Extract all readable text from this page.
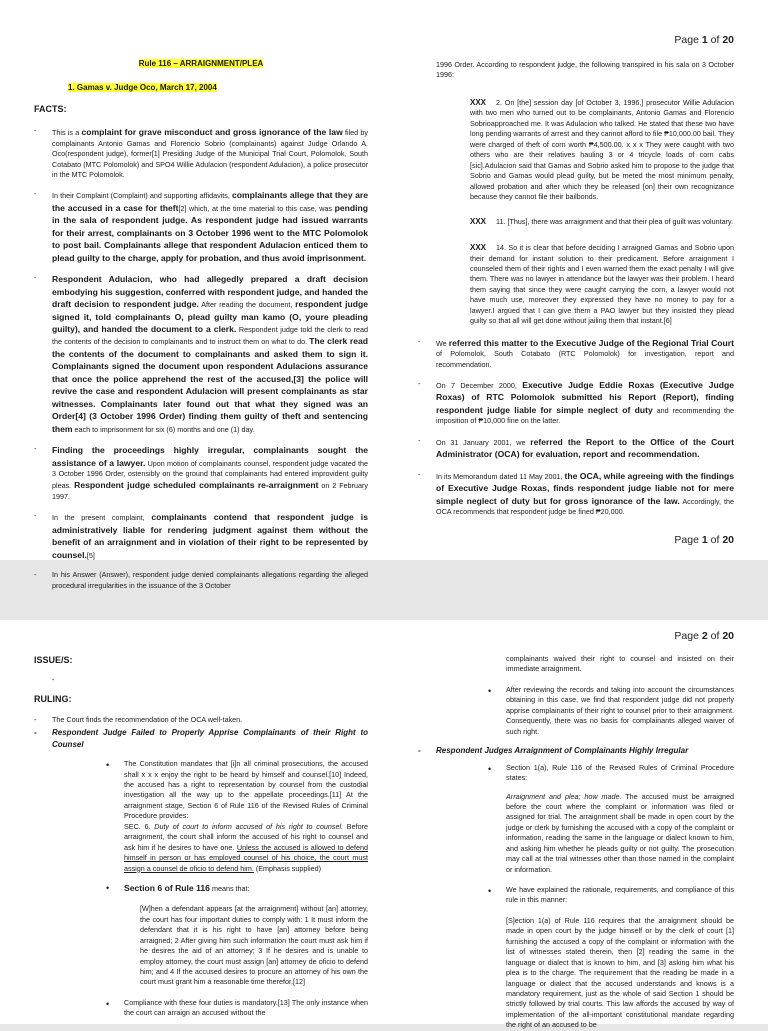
Page 1 of 20
Rule 116 – ARRAIGNMENT/PLEA
1. Gamas v. Judge Oco, March 17, 2004
FACTS:
- This is a complaint for grave misconduct and gross ignorance of the law filed by complainants Antonio Gamas and Florencio Sobrio (complainants) against Judge Orlando A. Oco(respondent judge), former[1] Presiding Judge of the Municipal Trial Court, Polomolok, South Cotabato (MTC Polomolok) and SPO4 Willie Adulacion (respondent Adulacion), a police prosecutor in the MTC Polomolok.
- In their Complaint (Complaint) and supporting affidavits, complainants allege that they are the accused in a case for theft[2] which, at the time material to this case, was pending in the sala of respondent judge. As respondent judge had issued warrants for their arrest, complainants on 3 October 1996 went to the MTC Polomolok to post bail. Complainants allege that respondent Adulacion enticed them to plead guilty to the charge, apply for probation, and thus avoid imprisonment.
- Respondent Adulacion, who had allegedly prepared a draft decision embodying his suggestion, conferred with respondent judge, and handed the draft decision to respondent judge. After reading the document, respondent judge signed it, told complainants O, plead guilty man kamo (O, youre pleading guilty), and handed the document to a clerk. Respondent judge told the clerk to read the contents of the decision to complainants and to instruct them on what to do. The clerk read the contents of the document to complainants and asked them to sign it. Complainants signed the document upon respondent Adulacions assurance that once the police apprehend the rest of the accused,[3] the police will revive the case and respondent Adulacion will present complainants as star witnesses. Complainants later found out that what they signed was an Order[4] (3 October 1996 Order) finding them guilty of theft and sentencing them each to imprisonment for six (6) months and one (1) day.
- Finding the proceedings highly irregular, complainants sought the assistance of a lawyer. Upon motion of complainants counsel, respondent judge vacated the 3 October 1996 Order, ostensibly on the ground that complainants had entered improvident guilty pleas. Respondent judge scheduled complainants re-arraignment on 2 February 1997.
- In the present complaint, complainants contend that respondent judge is administratively liable for rendering judgment against them without the benefit of an arraignment and in violation of their right to be represented by counsel.[5]
- In his Answer (Answer), respondent judge denied complainants allegations regarding the alleged procedural irregularities in the issuance of the 3 October

1996 Order. According to respondent judge, the following transpired in his sala on 3 October 1996:

XXX 2. On [the] session day [of October 3, 1996,] prosecutor Willie Adulacion with two men who turned out to be complainants, Antonio Gamas and Florencio Sobrioapproached me. It was Adulacion who talked. He stated that these two have long pending warrants of arrest and they cannot afford to file ₱10,000.00 bail. They were charged of theft of corn worth ₱4,500.00. x x x They were caught with two others who are their relatives hauling 3 or 4 tricycle loads of corn cabs [sic].Adulacion said that Gamas and Sobrio asked him to propose to the judge that Sobrio and Gamas would plead guilty, but be meted the most minimum penalty, allowed probation and after which they be released [on] their own recognizance because they cannot file their bailbonds.

XXX 11. [Thus], there was arraignment and that their plea of guilt was voluntary.

XXX 14. So it is clear that before deciding I arraigned Gamas and Sobrio upon their demand for instant solution to their predicament. Before arraignment I counseled them of their rights and I even warned them the exact penalty I will give them. There was no lawyer in attendance but the lawyer was their problem. I heard them saying that since they were caught carrying the corn, a lawyer would not have much use, moreover they expressed they have no money to pay for a lawyer.I argued that I can give them a PAO lawyer but they insisted they plead guilty so that all will get done without jailing them that instant.[6]

- We referred this matter to the Executive Judge of the Regional Trial Court of Polomolok, South Cotabato (RTC Polomolok) for investigation, report and recommendation.
- On 7 December 2000, Executive Judge Eddie Roxas (Executive Judge Roxas) of RTC Polomolok submitted his Report (Report), finding respondent judge liable for simple neglect of duty and recommending the imposition of ₱10,000 fine on the latter.
- On 31 January 2001, we referred the Report to the Office of the Court Administrator (OCA) for evaluation, report and recommendation.
- In its Memorandum dated 11 May 2001, the OCA, while agreeing with the findings of Executive Judge Roxas, finds respondent judge liable not for mere simple neglect of duty but for gross ignorance of the law. Accordingly, the OCA recommends that respondent judge be fined ₱20,000.
Page 1 of 20
Page 2 of 20
ISSUE/S:
-
RULING:
- The Court finds the recommendation of the OCA well-taken.
- Respondent Judge Failed to Properly Apprise Complainants of their Right to Counsel
• The Constitution mandates that [i]n all criminal prosecutions, the accused shall x x x enjoy the right to be heard by himself and counsel.[10] Indeed, the accused has a right to representation by counsel from the custodial investigation all the way up to the appellate proceedings.[11] At the arraignment stage, Section 6 of Rule 116 of the Revised Rules of Criminal Procedure provides:
SEC. 6. Duty of court to inform accused of his right to counsel. Before arraignment, the court shall inform the accused of his right to counsel and ask him if he desires to have one. Unless the accused is allowed to defend himself in person or has employed counsel of his choice, the court must assign a counsel de oficio to defend him. (Emphasis supplied)
• Section 6 of Rule 116 means that:

[W]hen a defendant appears [at the arraignment] without [an] attorney, the court has four important duties to comply with: 1 It must inform the defendant that it is his right to have [an] attorney before being arraigned; 2 After giving him such information the court must ask him if he desires the aid of an attorney; 3 If he desires and is unable to employ attorney, the court must assign [an] attorney de oficio to defend him; and 4 If the accused desires to procure an attorney of his own the court must grant him a reasonable time therefor.[12]

• Compliance with these four duties is mandatory.[13] The only instance when the court can arraign an accused without the

complainants waived their right to counsel and insisted on their immediate arraignment.

• After reviewing the records and taking into account the circumstances obtaining in this case, we find that respondent judge did not properly apprise complainants of their right to counsel prior to their arraignment. Consequently, there was no basis for complainants alleged waiver of such right.
- Respondent Judges Arraignment of Complainants Highly Irregular
• Section 1(a), Rule 116 of the Revised Rules of Criminal Procedure states:

Arraignment and plea; how made. The accused must be arraigned before the court where the complaint or information was filed or assigned for trial. The arraignment shall be made in open court by the judge or clerk by furnishing the accused with a copy of the complaint or information, reading the same in the language or dialect known to him, and asking him whether he pleads guilty or not guilty. The prosecution may call at the trial witnesses other than those named in the complaint or information.

• We have explained the rationale, requirements, and compliance of this rule in this manner:

[S]ection 1(a) of Rule 116 requires that the arraignment should be made in open court by the judge himself or by the clerk of court [1] furnishing the accused a copy of the complaint or information with the list of witnesses stated therein, then [2] reading the same in the language or dialect that is known to him, and [3] asking him what his plea is to the charge. The requirement that the reading be made in a language or dialect that the accused understands and knows is a mandatory requirement, just as the whole of said Section 1 should be strictly followed by trial courts. This law affords the accused by way of implementation of the all-important constitutional mandate regarding the right of an accused to be
